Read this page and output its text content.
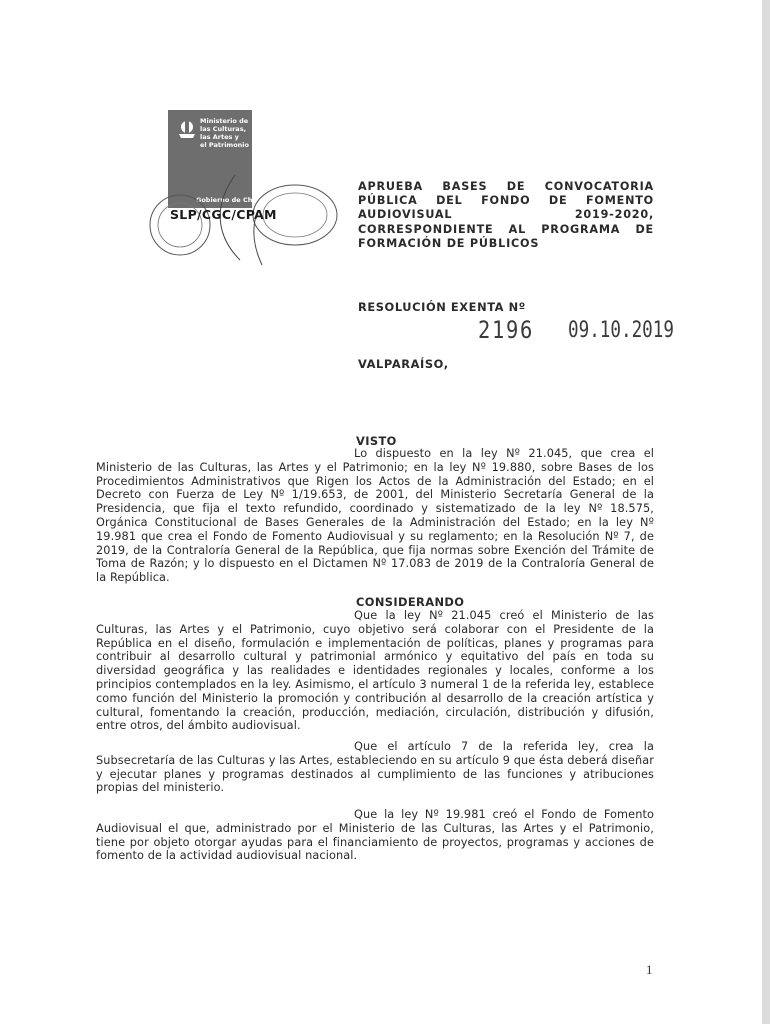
Ministerio de
las Culturas,
las Artes y
el Patrimonio
Gobierno de Chile
SLP/CGC/CPAM
APRUEBA BASES DE CONVOCATORIA
PÚBLICA DEL FONDO DE FOMENTO
AUDIOVISUAL 2019-2020,
CORRESPONDIENTE AL PROGRAMA DE
FORMACIÓN DE PÚBLICOS
RESOLUCIÓN EXENTA Nº
2196 09.10.2019
VALPARAÍSO,
VISTO
Lo dispuesto en la ley Nº 21.045, que crea el Ministerio de las Culturas, las Artes y el Patrimonio; en la ley Nº 19.880, sobre Bases de los Procedimientos Administrativos que Rigen los Actos de la Administración del Estado; en el Decreto con Fuerza de Ley Nº 1/19.653, de 2001, del Ministerio Secretaría General de la Presidencia, que fija el texto refundido, coordinado y sistematizado de la ley Nº 18.575, Orgánica Constitucional de Bases Generales de la Administración del Estado; en la ley Nº 19.981 que crea el Fondo de Fomento Audiovisual y su reglamento; en la Resolución Nº 7, de 2019, de la Contraloría General de la República, que fija normas sobre Exención del Trámite de Toma de Razón; y lo dispuesto en el Dictamen Nº 17.083 de 2019 de la Contraloría General de la República.
CONSIDERANDO
Que la ley Nº 21.045 creó el Ministerio de las Culturas, las Artes y el Patrimonio, cuyo objetivo será colaborar con el Presidente de la República en el diseño, formulación e implementación de políticas, planes y programas para contribuir al desarrollo cultural y patrimonial armónico y equitativo del país en toda su diversidad geográfica y las realidades e identidades regionales y locales, conforme a los principios contemplados en la ley. Asimismo, el artículo 3 numeral 1 de la referida ley, establece como función del Ministerio la promoción y contribución al desarrollo de la creación artística y cultural, fomentando la creación, producción, mediación, circulación, distribución y difusión, entre otros, del ámbito audiovisual.
Que el artículo 7 de la referida ley, crea la Subsecretaría de las Culturas y las Artes, estableciendo en su artículo 9 que ésta deberá diseñar y ejecutar planes y programas destinados al cumplimiento de las funciones y atribuciones propias del ministerio.
Que la ley Nº 19.981 creó el Fondo de Fomento Audiovisual el que, administrado por el Ministerio de las Culturas, las Artes y el Patrimonio, tiene por objeto otorgar ayudas para el financiamiento de proyectos, programas y acciones de fomento de la actividad audiovisual nacional.
1
